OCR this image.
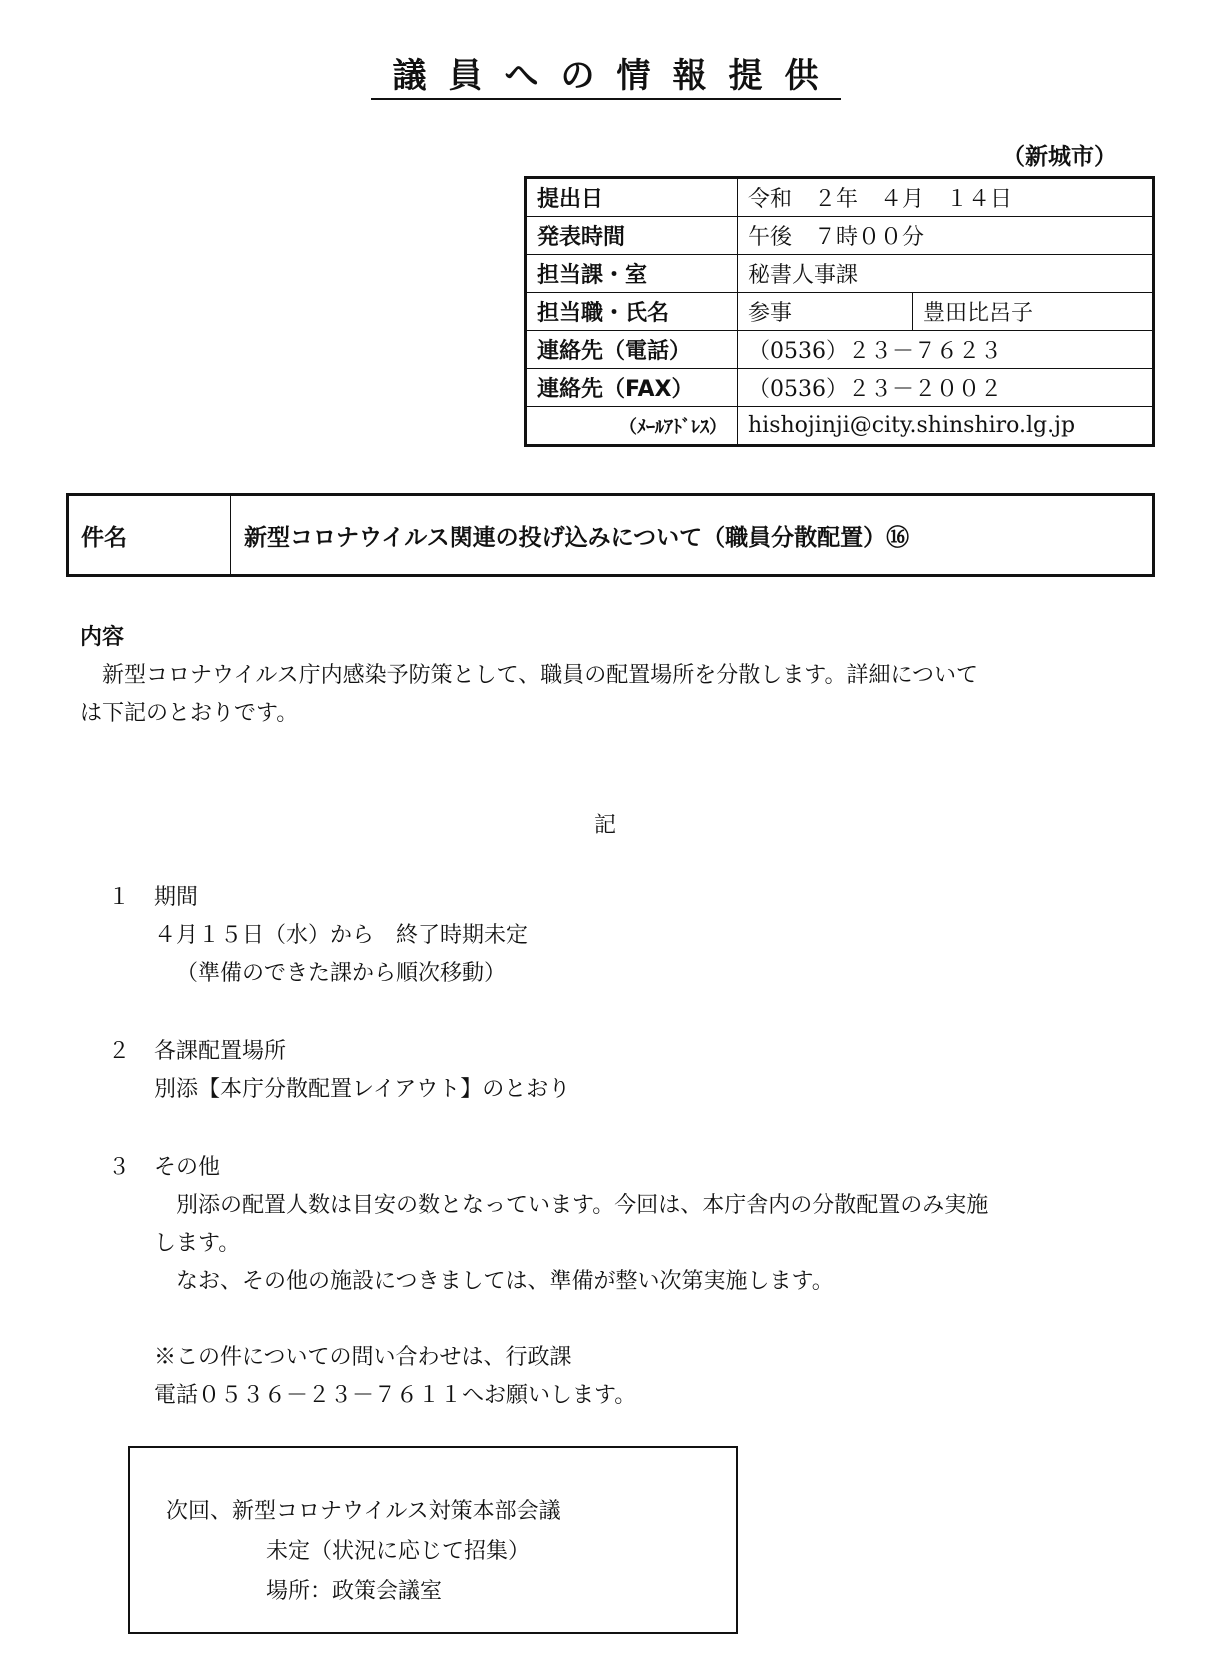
議員への情報提供
（新城市）
提出日	令和　２年　４月　１４日	
発表時間	午後　７時００分	
担当課・室	秘書人事課	
担当職・氏名	参事	豊田比呂子
連絡先（電話）	（0536）２３－７６２３	
連絡先（FAX）	（0536）２３－２００２	
（ﾒｰﾙｱﾄﾞﾚｽ）	hishojinji@city.shinshiro.lg.jp	
件名	新型コロナウイルス関連の投げ込みについて（職員分散配置）⑯
内容
　新型コロナウイルス庁内感染予防策として、職員の配置場所を分散します。詳細について
は下記のとおりです。
記
１ 期間
４月１５日（水）から　終了時期未定
（準備のできた課から順次移動）
２ 各課配置場所
別添【本庁分散配置レイアウト】のとおり
３ その他
　別添の配置人数は目安の数となっています。今回は、本庁舎内の分散配置のみ実施
します。
　なお、その他の施設につきましては、準備が整い次第実施します。
※この件についての問い合わせは、行政課
電話０５３６－２３－７６１１へお願いします。
次回、新型コロナウイルス対策本部会議
未定（状況に応じて招集）
場所：政策会議室
